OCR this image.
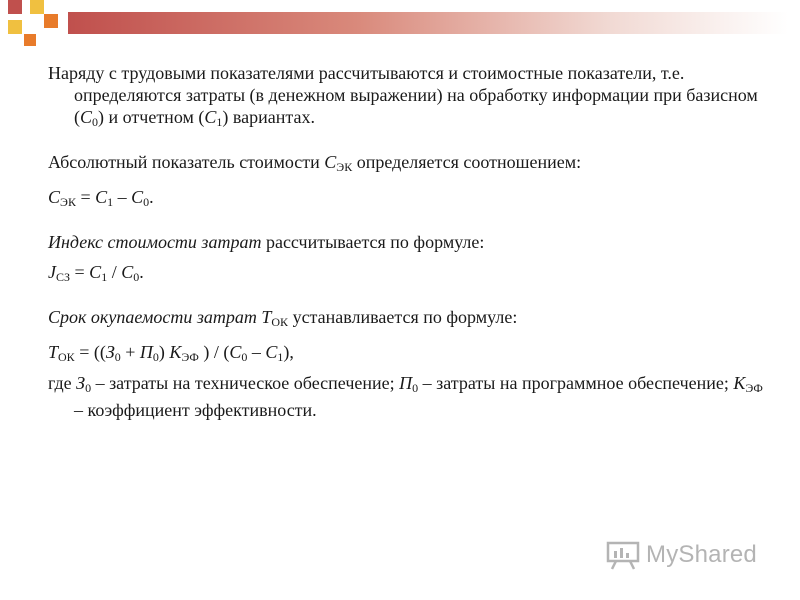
Наряду с трудовыми показателями рассчитываются и стоимостные показатели, т.е. определяются затраты (в денежном выражении) на обработку информации при базисном $(C_0)$ и отчетном $(C_1)$ вариантах.

Абсолютный показатель стоимости $C_{ЭК}$ определяется соотношением:

$C_{ЭК} = C_1 - C_0$.

Индекс стоимости затрат рассчитывается по формуле:

$J_{СЗ} = C_1 / C_0$.

Срок окупаемости затрат $T_{ОК}$ устанавливается по формуле:

$T_{ОК} = ((З_0 + П_0)$ $K_{ЭФ}$ ) / $(C_0 - C_1)$,

где $З_0$ – затраты на техническое обеспечение; $П_0$ – затраты на программное обеспечение; $K_{ЭФ}$ – коэффициент эффективности.

MyShared
